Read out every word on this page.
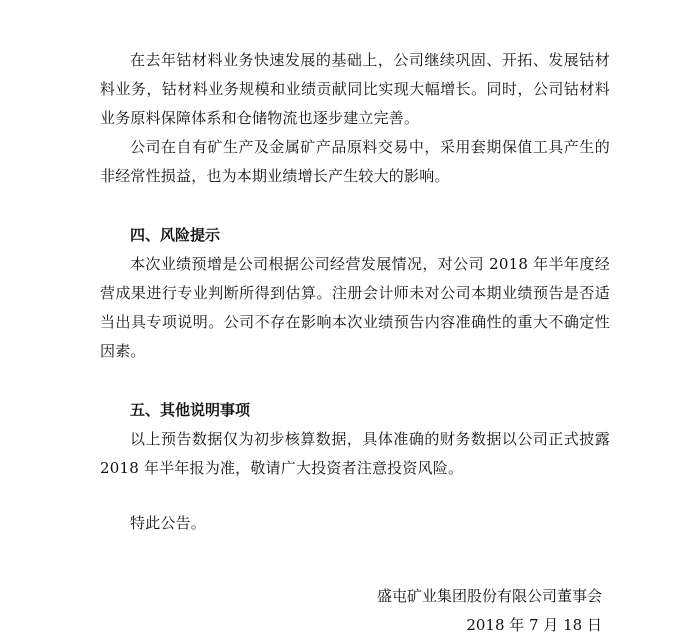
在去年钴材料业务快速发展的基础上，公司继续巩固、开拓、发展钴材料业务，钴材料业务规模和业绩贡献同比实现大幅增长。同时，公司钴材料业务原料保障体系和仓储物流也逐步建立完善。

公司在自有矿生产及金属矿产品原料交易中，采用套期保值工具产生的非经常性损益，也为本期业绩增长产生较大的影响。

四、风险提示

本次业绩预增是公司根据公司经营发展情况，对公司 2018 年半年度经营成果进行专业判断所得到估算。注册会计师未对公司本期业绩预告是否适当出具专项说明。公司不存在影响本次业绩预告内容准确性的重大不确定性因素。

五、其他说明事项

以上预告数据仅为初步核算数据，具体准确的财务数据以公司正式披露 2018 年半年报为准，敬请广大投资者注意投资风险。

特此公告。

盛屯矿业集团股份有限公司董事会

2018 年 7 月 18 日
